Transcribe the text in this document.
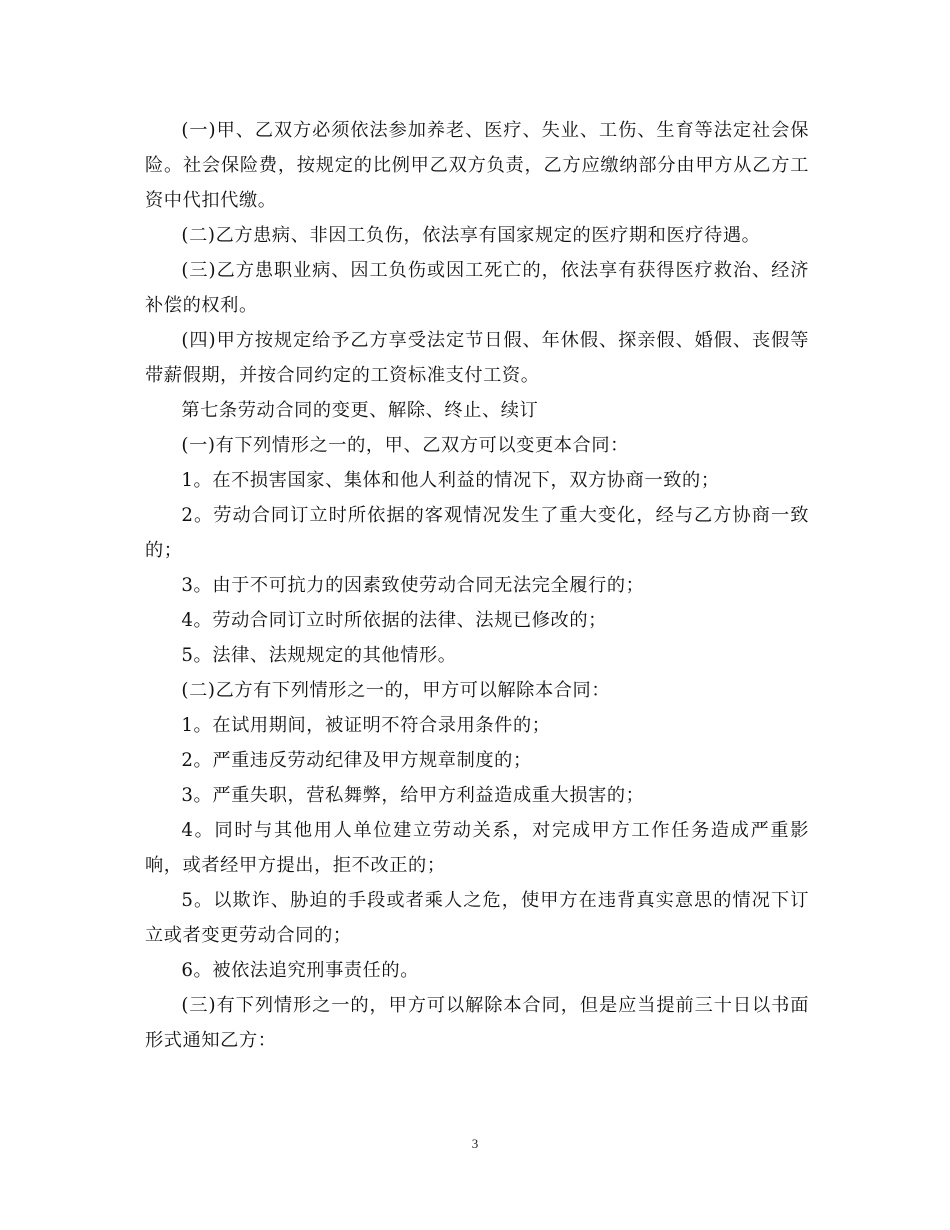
(一)甲、乙双方必须依法参加养老、医疗、失业、工伤、生育等法定社会保险。社会保险费，按规定的比例甲乙双方负责，乙方应缴纳部分由甲方从乙方工资中代扣代缴。

(二)乙方患病、非因工负伤，依法享有国家规定的医疗期和医疗待遇。

(三)乙方患职业病、因工负伤或因工死亡的，依法享有获得医疗救治、经济补偿的权利。

(四)甲方按规定给予乙方享受法定节日假、年休假、探亲假、婚假、丧假等带薪假期，并按合同约定的工资标准支付工资。

第七条劳动合同的变更、解除、终止、续订

(一)有下列情形之一的，甲、乙双方可以变更本合同：

1。在不损害国家、集体和他人利益的情况下，双方协商一致的；

2。劳动合同订立时所依据的客观情况发生了重大变化，经与乙方协商一致的；

3。由于不可抗力的因素致使劳动合同无法完全履行的；

4。劳动合同订立时所依据的法律、法规已修改的；

5。法律、法规规定的其他情形。

(二)乙方有下列情形之一的，甲方可以解除本合同：

1。在试用期间，被证明不符合录用条件的；

2。严重违反劳动纪律及甲方规章制度的；

3。严重失职，营私舞弊，给甲方利益造成重大损害的；

4。同时与其他用人单位建立劳动关系，对完成甲方工作任务造成严重影响，或者经甲方提出，拒不改正的；

5。以欺诈、胁迫的手段或者乘人之危，使甲方在违背真实意思的情况下订立或者变更劳动合同的；

6。被依法追究刑事责任的。

(三)有下列情形之一的，甲方可以解除本合同，但是应当提前三十日以书面形式通知乙方：

3
